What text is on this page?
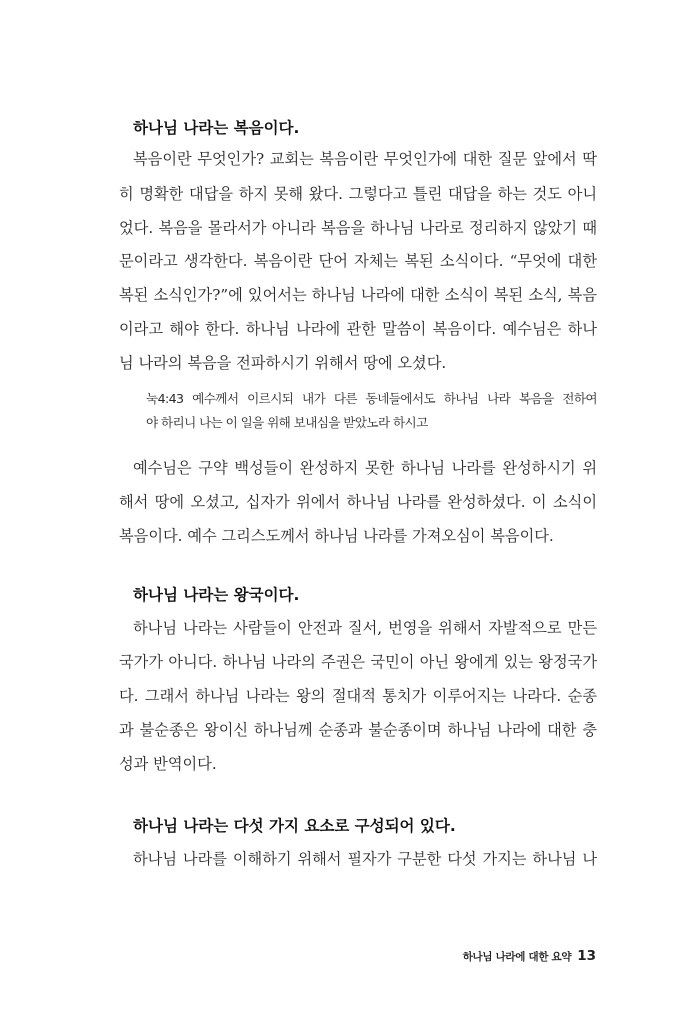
하나님 나라는 복음이다.
복음이란 무엇인가? 교회는 복음이란 무엇인가에 대한 질문 앞에서 딱
히 명확한 대답을 하지 못해 왔다. 그렇다고 틀린 대답을 하는 것도 아니
었다. 복음을 몰라서가 아니라 복음을 하나님 나라로 정리하지 않았기 때
문이라고 생각한다. 복음이란 단어 자체는 복된 소식이다. “무엇에 대한
복된 소식인가?”에 있어서는 하나님 나라에 대한 소식이 복된 소식, 복음
이라고 해야 한다. 하나님 나라에 관한 말씀이 복음이다. 예수님은 하나
님 나라의 복음을 전파하시기 위해서 땅에 오셨다.
눅4:43 예수께서 이르시되 내가 다른 동네들에서도 하나님 나라 복음을 전하여
야 하리니 나는 이 일을 위해 보내심을 받았노라 하시고
예수님은 구약 백성들이 완성하지 못한 하나님 나라를 완성하시기 위
해서 땅에 오셨고, 십자가 위에서 하나님 나라를 완성하셨다. 이 소식이
복음이다. 예수 그리스도께서 하나님 나라를 가져오심이 복음이다.
하나님 나라는 왕국이다.
하나님 나라는 사람들이 안전과 질서, 번영을 위해서 자발적으로 만든
국가가 아니다. 하나님 나라의 주권은 국민이 아닌 왕에게 있는 왕정국가
다. 그래서 하나님 나라는 왕의 절대적 통치가 이루어지는 나라다. 순종
과 불순종은 왕이신 하나님께 순종과 불순종이며 하나님 나라에 대한 충
성과 반역이다.
하나님 나라는 다섯 가지 요소로 구성되어 있다.
하나님 나라를 이해하기 위해서 필자가 구분한 다섯 가지는 하나님 나
하나님 나라에 대한 요약 13
